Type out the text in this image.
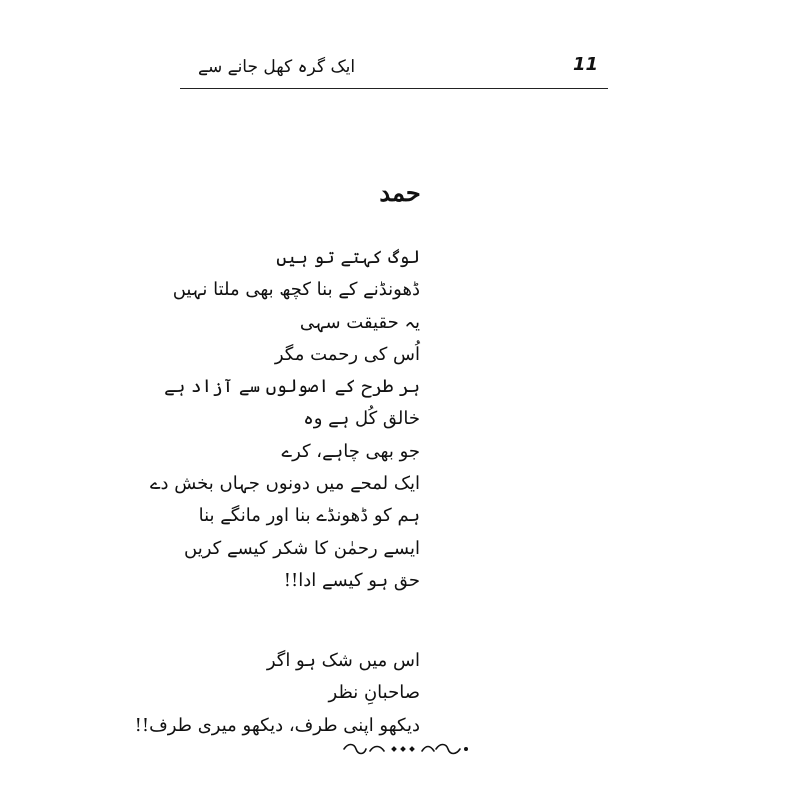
ایک گرہ کھل جانے سے	11
حمد
لوگ کہتے تو ہیں
ڈھونڈنے کے بنا کچھ بھی ملتا نہیں
یہ حقیقت سہی
اُس کی رحمت مگر
ہر طرح کے اصولوں سے آزاد ہے
خالق کُل ہے وہ
جو بھی چاہے، کرے
ایک لمحے میں دونوں جہاں بخش دے
ہم کو ڈھونڈے بنا اور مانگے بنا
ایسے رحمٰن کا شکر کیسے کریں
حق ہو کیسے ادا!!
اس میں شک ہو اگر
صاحبانِ نظر
دیکھو اپنی طرف، دیکھو میری طرف!!
